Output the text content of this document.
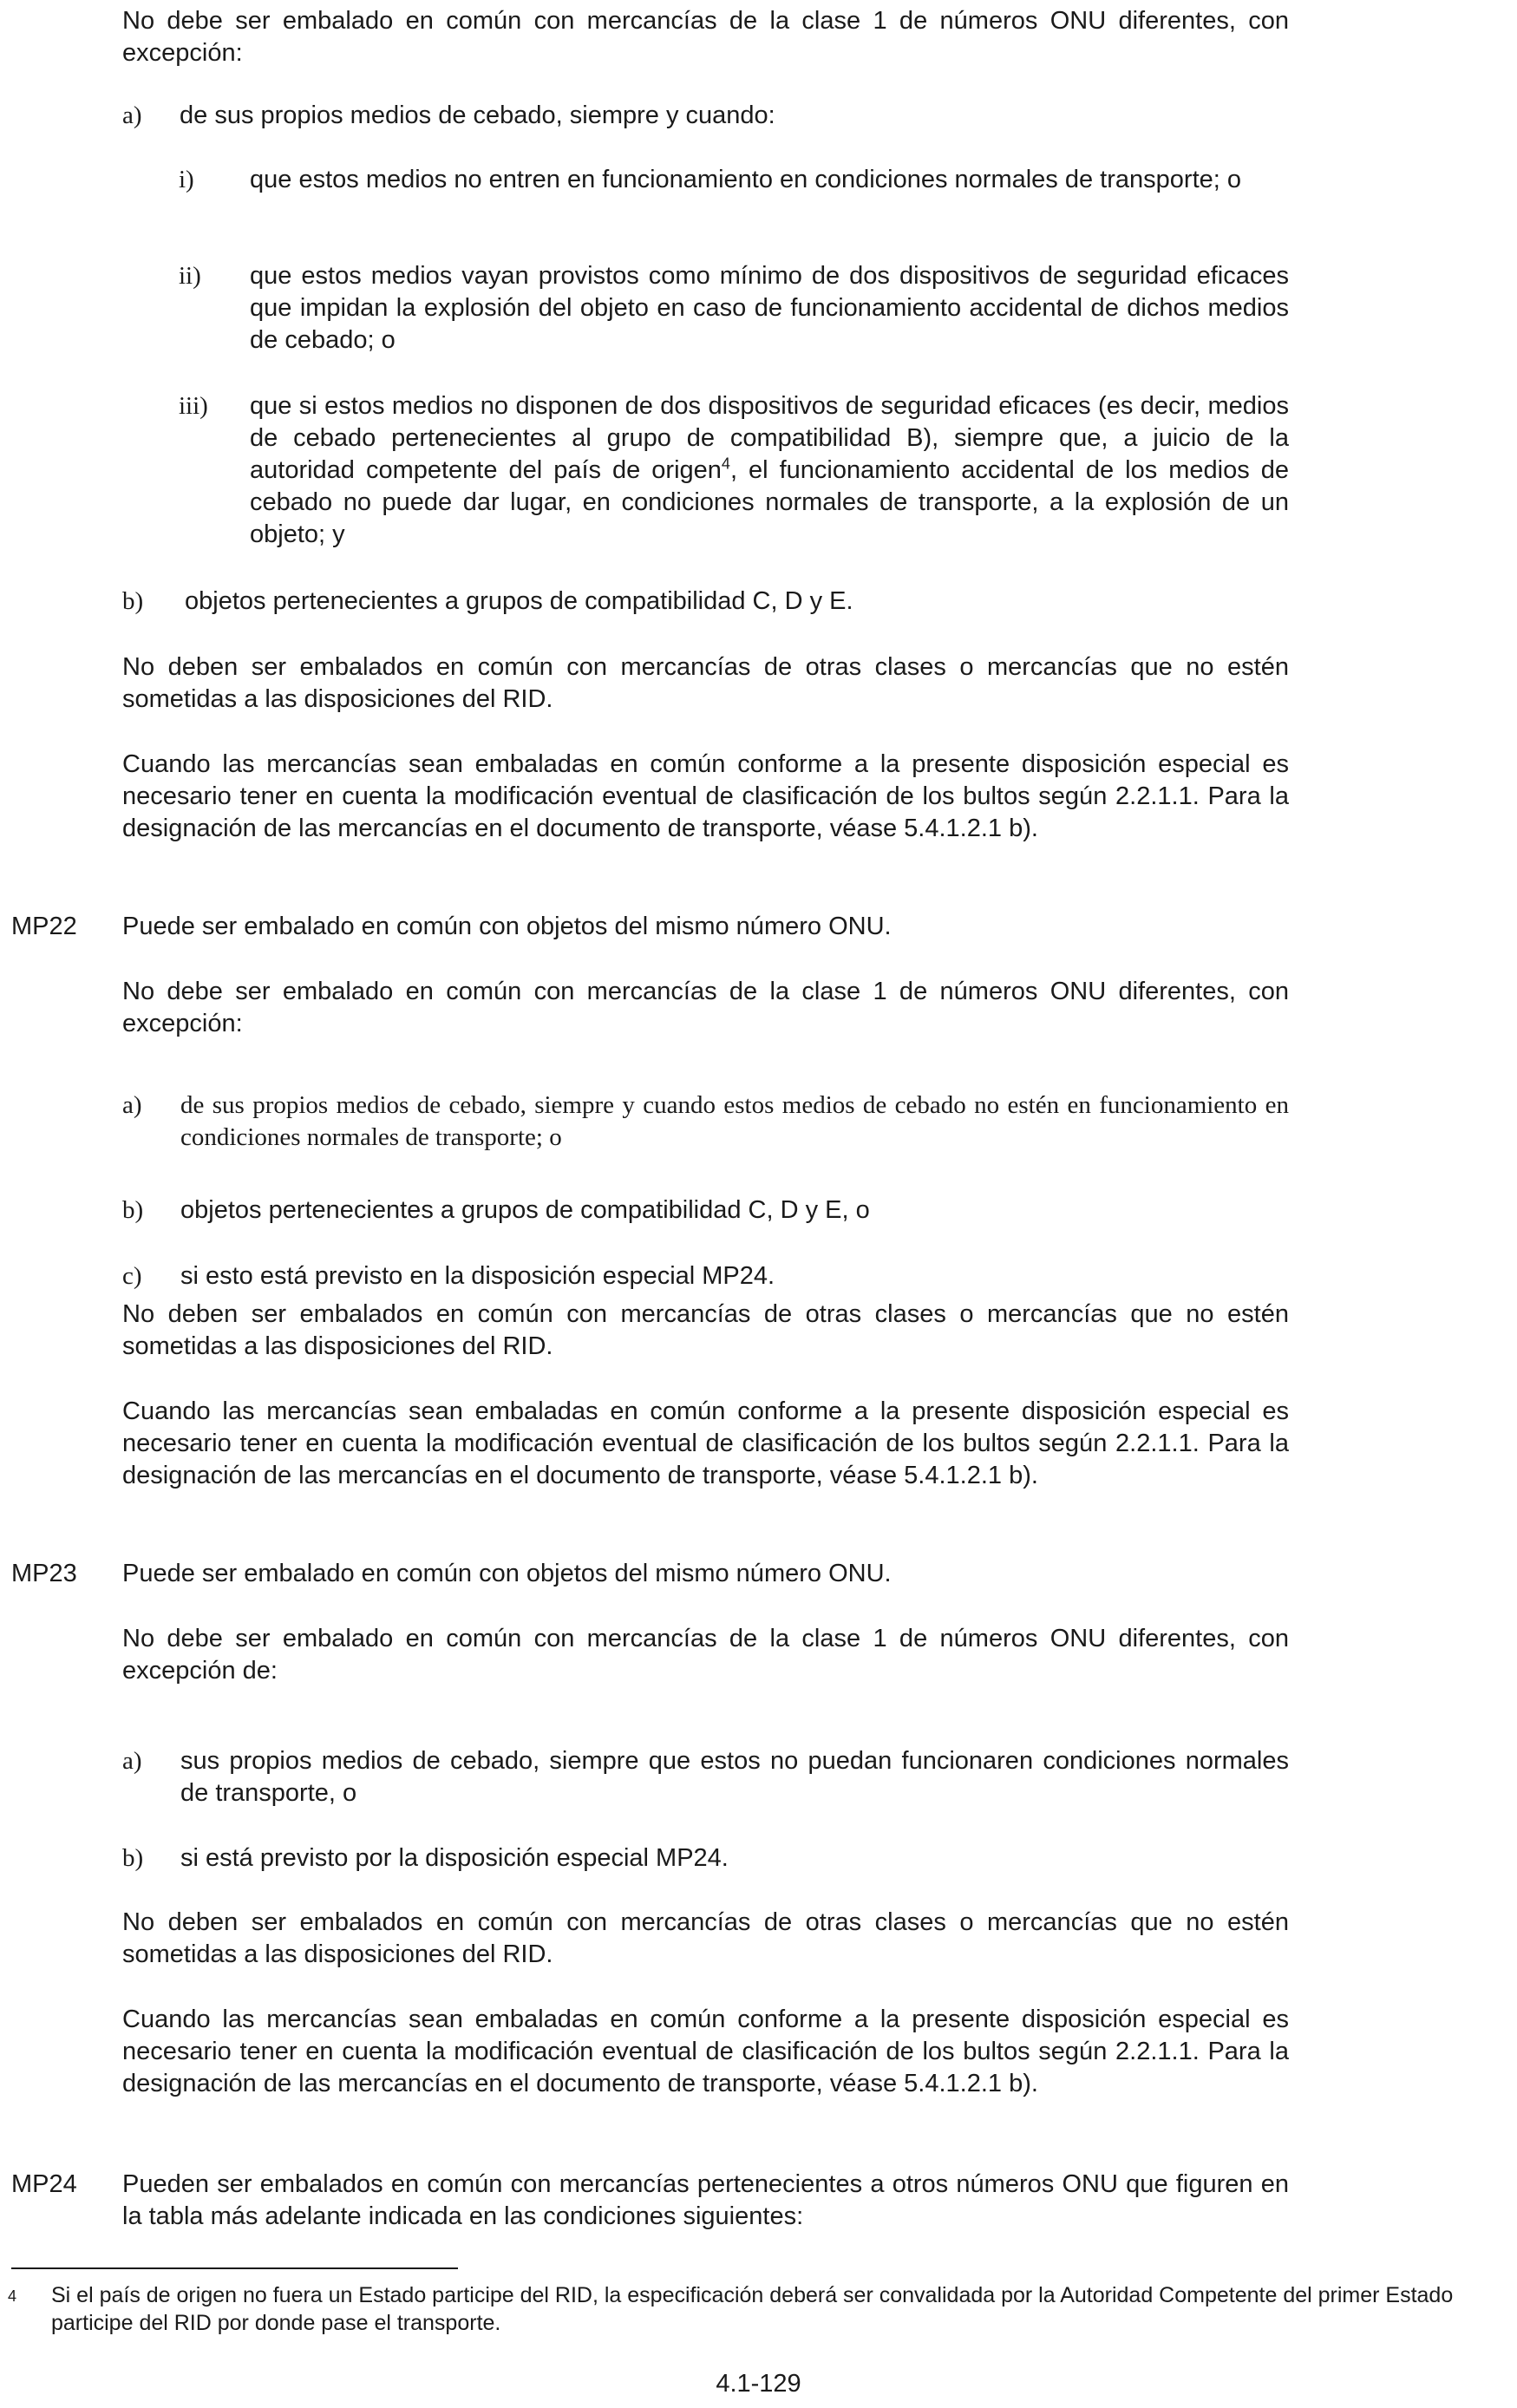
No debe ser embalado en común con mercancías de la clase 1 de números ONU diferentes, con excepción:

a) de sus propios medios de cebado, siempre y cuando:
i) que estos medios no entren en funcionamiento en condiciones normales de transporte; o
ii) que estos medios vayan provistos como mínimo de dos dispositivos de seguridad eficaces que impidan la explosión del objeto en caso de funcionamiento accidental de dichos medios de cebado; o
iii) que si estos medios no disponen de dos dispositivos de seguridad eficaces (es decir, medios de cebado pertenecientes al grupo de compatibilidad B), siempre que, a juicio de la autoridad competente del país de origen$^4$, el funcionamiento accidental de los medios de cebado no puede dar lugar, en condiciones normales de transporte, a la explosión de un objeto; y
b) objetos pertenecientes a grupos de compatibilidad C, D y E.

No deben ser embalados en común con mercancías de otras clases o mercancías que no estén sometidas a las disposiciones del RID.

Cuando las mercancías sean embaladas en común conforme a la presente disposición especial es necesario tener en cuenta la modificación eventual de clasificación de los bultos según 2.2.1.1. Para la designación de las mercancías en el documento de transporte, véase 5.4.1.2.1 b).

MP22 Puede ser embalado en común con objetos del mismo número ONU.

No debe ser embalado en común con mercancías de la clase 1 de números ONU diferentes, con excepción:

a) de sus propios medios de cebado, siempre y cuando estos medios de cebado no estén en funcionamiento en condiciones normales de transporte; o
b) objetos pertenecientes a grupos de compatibilidad C, D y E, o
c) si esto está previsto en la disposición especial MP24.

No deben ser embalados en común con mercancías de otras clases o mercancías que no estén sometidas a las disposiciones del RID.

Cuando las mercancías sean embaladas en común conforme a la presente disposición especial es necesario tener en cuenta la modificación eventual de clasificación de los bultos según 2.2.1.1. Para la designación de las mercancías en el documento de transporte, véase 5.4.1.2.1 b).

MP23 Puede ser embalado en común con objetos del mismo número ONU.

No debe ser embalado en común con mercancías de la clase 1 de números ONU diferentes, con excepción de:

a) sus propios medios de cebado, siempre que estos no puedan funcionaren condiciones normales de transporte, o
b) si está previsto por la disposición especial MP24.

No deben ser embalados en común con mercancías de otras clases o mercancías que no estén sometidas a las disposiciones del RID.

Cuando las mercancías sean embaladas en común conforme a la presente disposición especial es necesario tener en cuenta la modificación eventual de clasificación de los bultos según 2.2.1.1. Para la designación de las mercancías en el documento de transporte, véase 5.4.1.2.1 b).

MP24 Pueden ser embalados en común con mercancías pertenecientes a otros números ONU que figuren en la tabla más adelante indicada en las condiciones siguientes:

4 Si el país de origen no fuera un Estado participe del RID, la especificación deberá ser convalidada por la Autoridad Competente del primer Estado participe del RID por donde pase el transporte.

4.1-129
